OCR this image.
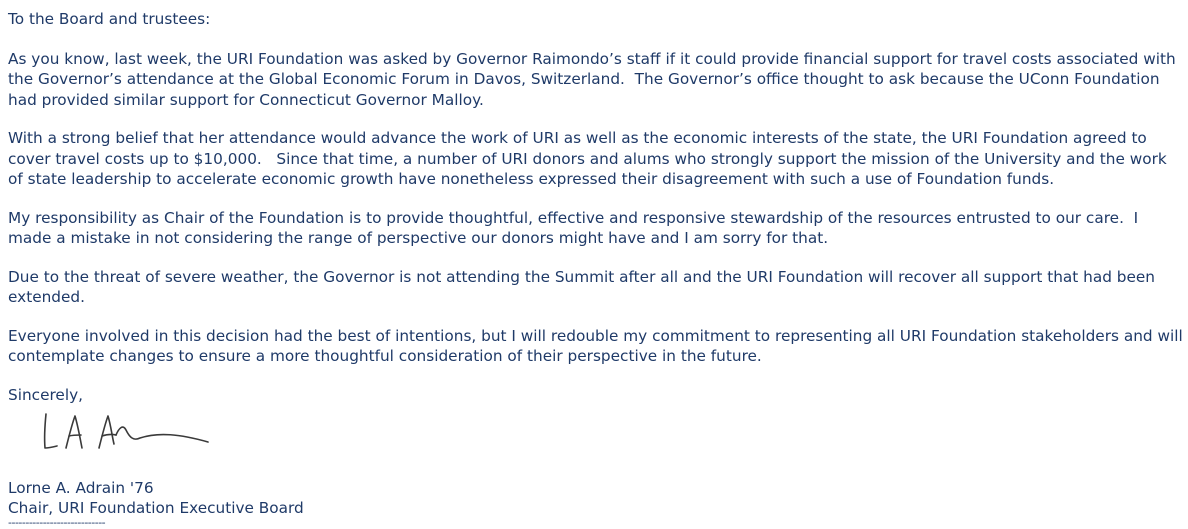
To the Board and trustees:

As you know, last week, the URI Foundation was asked by Governor Raimondo’s staff if it could provide financial support for travel costs associated with the Governor’s attendance at the Global Economic Forum in Davos, Switzerland.  The Governor’s office thought to ask because the UConn Foundation had provided similar support for Connecticut Governor Malloy.

With a strong belief that her attendance would advance the work of URI as well as the economic interests of the state, the URI Foundation agreed to cover travel costs up to $10,000.   Since that time, a number of URI donors and alums who strongly support the mission of the University and the work of state leadership to accelerate economic growth have nonetheless expressed their disagreement with such a use of Foundation funds.

My responsibility as Chair of the Foundation is to provide thoughtful, effective and responsive stewardship of the resources entrusted to our care.  I made a mistake in not considering the range of perspective our donors might have and I am sorry for that.

Due to the threat of severe weather, the Governor is not attending the Summit after all and the URI Foundation will recover all support that had been extended.

Everyone involved in this decision had the best of intentions, but I will redouble my commitment to representing all URI Foundation stakeholders and will contemplate changes to ensure a more thoughtful consideration of their perspective in the future.

Sincerely,

Lorne A. Adrain '76
Chair, URI Foundation Executive Board
----------------------------
